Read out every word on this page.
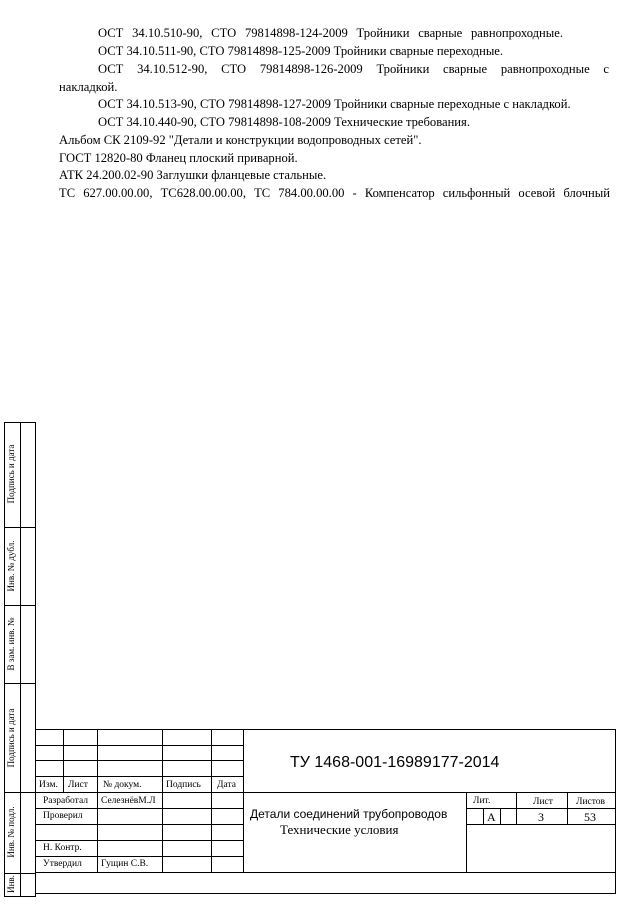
ОСТ 34.10.510-90, СТО 79814898-124-2009 Тройники сварные равнопроходные.
ОСТ 34.10.511-90, СТО 79814898-125-2009 Тройники сварные переходные.
ОСТ 34.10.512-90, СТО 79814898-126-2009 Тройники сварные равнопроходные с
накладкой.
ОСТ 34.10.513-90, СТО 79814898-127-2009 Тройники сварные переходные с накладкой.
ОСТ 34.10.440-90, СТО 79814898-108-2009 Технические требования.
Альбом СК 2109-92 "Детали и конструкции водопроводных сетей".
ГОСТ 12820-80 Фланец плоский приварной.
АТК 24.200.02-90 Заглушки фланцевые стальные.
ТС 627.00.00.00, ТС628.00.00.00, ТС 784.00.00.00 - Компенсатор сильфонный осевой блочный
Подпись и дата
Инв. № дубл.
В зам. инв. №
Подпись и дата
Инв. № подл.
Инв.
Изм. Лист № докум.	Подпись Дата
Разработал СелезнёвМ.Л
Проверил
Н. Контр.
Утвердил Гущин С.В.
ТУ 1468-001-16989177-2014
Детали соединений трубопроводов
Технические условия
Лит.	Лист Листов
А	3	53
